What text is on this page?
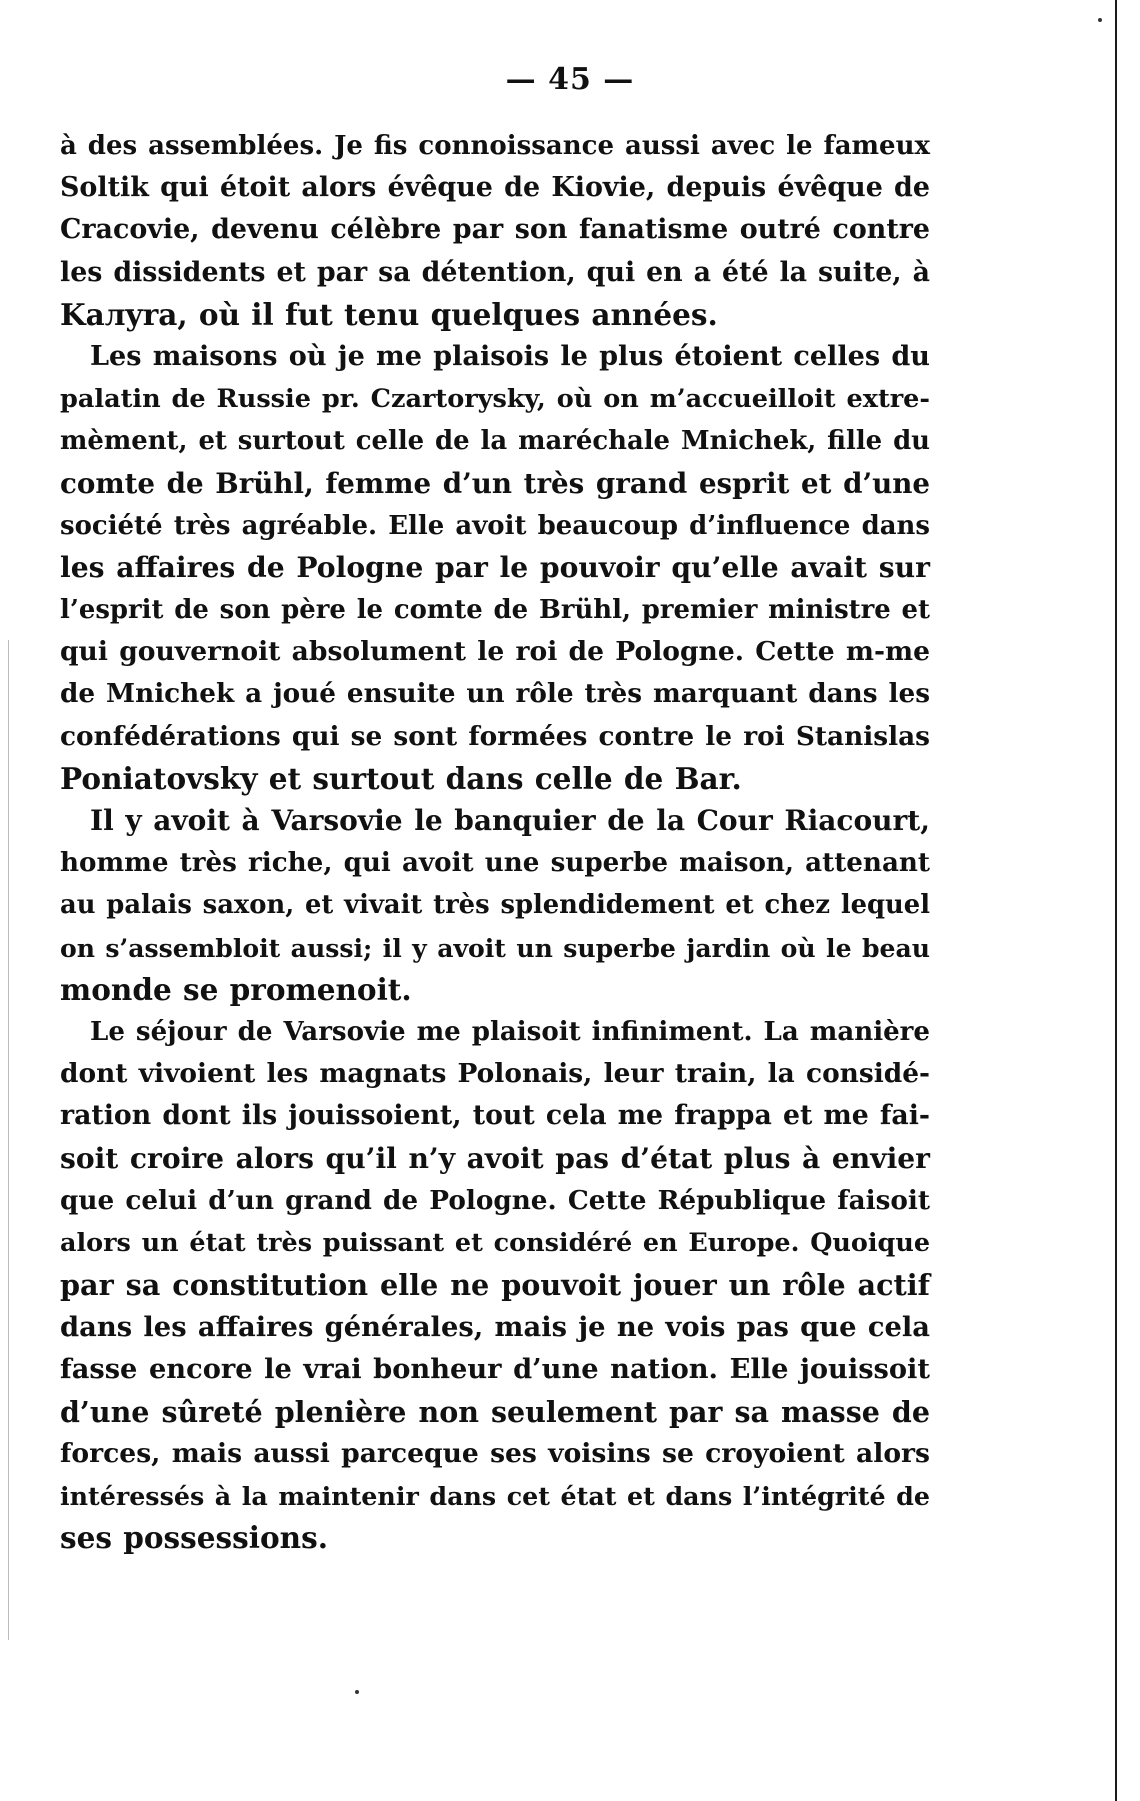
— 45 —
à des assemblées. Je fis connoissance aussi avec le fameux
Soltik qui étoit alors évêque de Kiovie, depuis évêque de
Cracovie, devenu célèbre par son fanatisme outré contre
les dissidents et par sa détention, qui en a été la suite, à
Kaлyra, où il fut tenu quelques années.
Les maisons où je me plaisois le plus étoient celles du
palatin de Russie pr. Czartorysky, où on m’accueilloit extre-
mèment, et surtout celle de la maréchale Mnichek, fille du
comte de Brühl, femme d’un très grand esprit et d’une
société très agréable. Elle avoit beaucoup d’influence dans
les affaires de Pologne par le pouvoir qu’elle avait sur
l’esprit de son père le comte de Brühl, premier ministre et
qui gouvernoit absolument le roi de Pologne. Cette m-me
de Mnichek a joué ensuite un rôle très marquant dans les
confédérations qui se sont formées contre le roi Stanislas
Poniatovsky et surtout dans celle de Bar.
Il y avoit à Varsovie le banquier de la Cour Riacourt,
homme très riche, qui avoit une superbe maison, attenant
au palais saxon, et vivait très splendidement et chez lequel
on s’assembloit aussi; il y avoit un superbe jardin où le beau
monde se promenoit.
Le séjour de Varsovie me plaisoit infiniment. La manière
dont vivoient les magnats Polonais, leur train, la considé-
ration dont ils jouissoient, tout cela me frappa et me fai-
soit croire alors qu’il n’y avoit pas d’état plus à envier
que celui d’un grand de Pologne. Cette République faisoit
alors un état très puissant et considéré en Europe. Quoique
par sa constitution elle ne pouvoit jouer un rôle actif
dans les affaires générales, mais je ne vois pas que cela
fasse encore le vrai bonheur d’une nation. Elle jouissoit
d’une sûreté plenière non seulement par sa masse de
forces, mais aussi parceque ses voisins se croyoient alors
intéressés à la maintenir dans cet état et dans l’intégrité de
ses possessions.
